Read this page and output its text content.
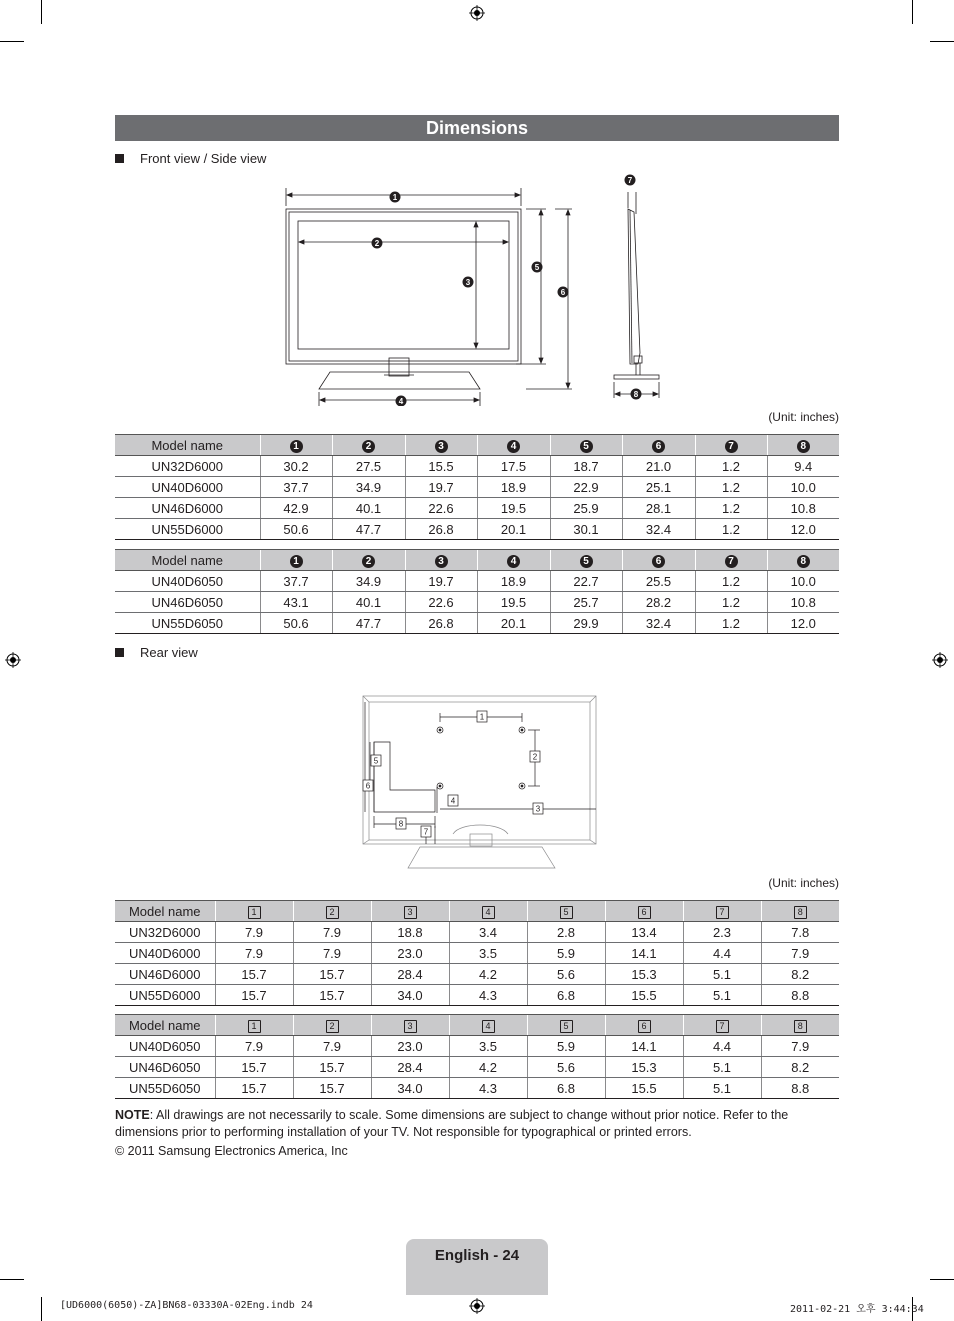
Dimensions
Front view / Side view
1
2
3
4
5
6
7
8
(Unit: inches)
Model name	1	2	3	4	5	6	7	8
UN32D6000	30.2	27.5	15.5	17.5	18.7	21.0	1.2	9.4
UN40D6000	37.7	34.9	19.7	18.9	22.9	25.1	1.2	10.0
UN46D6000	42.9	40.1	22.6	19.5	25.9	28.1	1.2	10.8
UN55D6000	50.6	47.7	26.8	20.1	30.1	32.4	1.2	12.0
Model name	1	2	3	4	5	6	7	8
UN40D6050	37.7	34.9	19.7	18.9	22.7	25.5	1.2	10.0
UN46D6050	43.1	40.1	22.6	19.5	25.7	28.2	1.2	10.8
UN55D6050	50.6	47.7	26.8	20.1	29.9	32.4	1.2	12.0
Rear view
1
2
3
4
5
6
7
8
(Unit: inches)
Model name	1	2	3	4	5	6	7	8
UN32D6000	7.9	7.9	18.8	3.4	2.8	13.4	2.3	7.8
UN40D6000	7.9	7.9	23.0	3.5	5.9	14.1	4.4	7.9
UN46D6000	15.7	15.7	28.4	4.2	5.6	15.3	5.1	8.2
UN55D6000	15.7	15.7	34.0	4.3	6.8	15.5	5.1	8.8
Model name	1	2	3	4	5	6	7	8
UN40D6050	7.9	7.9	23.0	3.5	5.9	14.1	4.4	7.9
UN46D6050	15.7	15.7	28.4	4.2	5.6	15.3	5.1	8.2
UN55D6050	15.7	15.7	34.0	4.3	6.8	15.5	5.1	8.8
NOTE: All drawings are not necessarily to scale. Some dimensions are subject to change without prior notice. Refer to the dimensions prior to performing installation of your TV. Not responsible for typographical or printed errors.
© 2011 Samsung Electronics America, Inc
English - 24
[UD6000(6050)-ZA]BN68-03330A-02Eng.indb 24	2011-02-21 오후 3:44:34
